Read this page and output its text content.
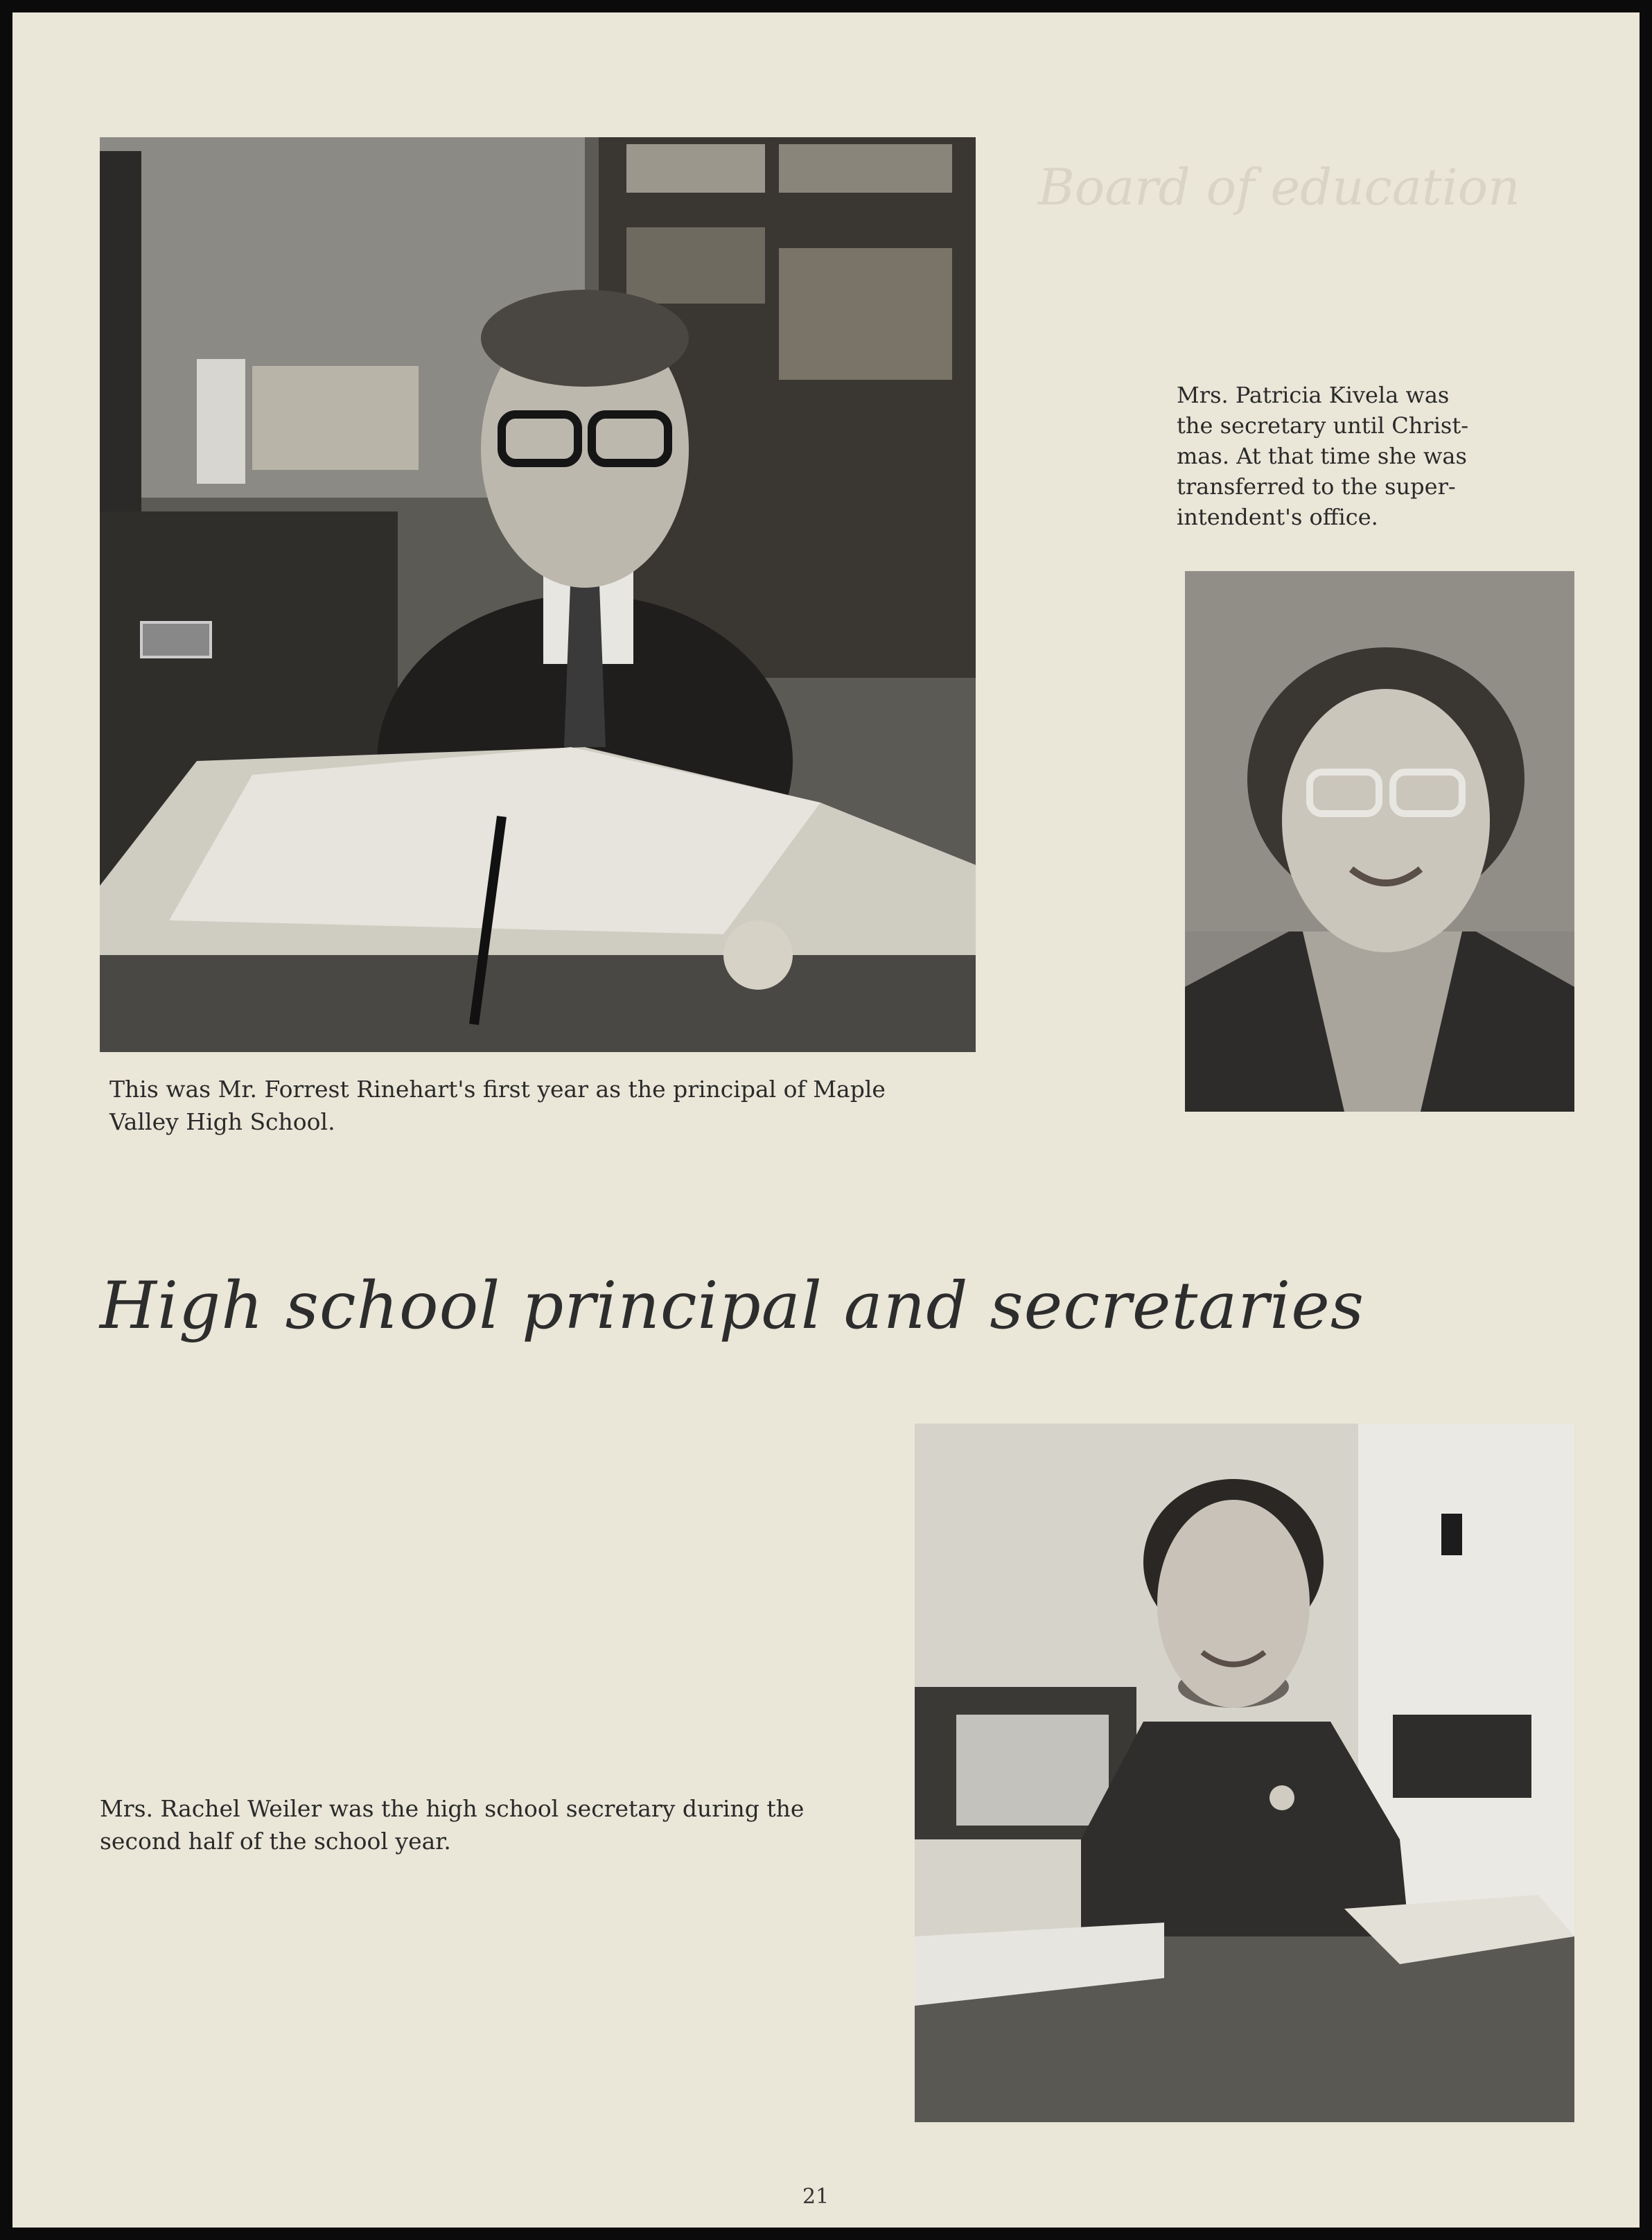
Board of education

This was Mr. Forrest Rinehart's first year as the principal of Maple
Valley High School.

Mrs. Patricia Kivela was
the secretary until Christ-
mas. At that time she was
transferred to the super-
intendent's office.

High school principal and secretaries

Mrs. Rachel Weiler was the high school secretary during the
second half of the school year.

21
